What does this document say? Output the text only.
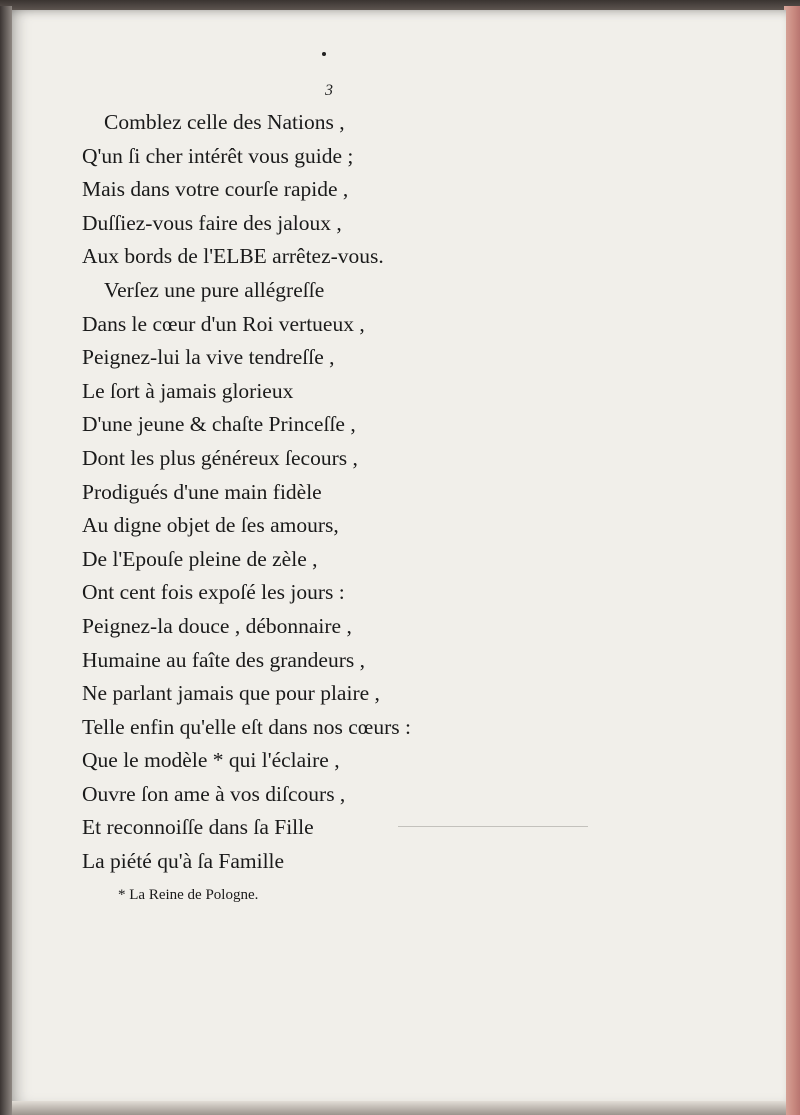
3
Comblez celle des Nations ,
Q'un ſi cher intérêt vous guide ;
Mais dans votre courſe rapide ,
Duſſiez-vous faire des jaloux ,
Aux bords de l'ELBE arrêtez-vous.
Verſez une pure allégreſſe
Dans le cœur d'un Roi vertueux ,
Peignez-lui la vive tendreſſe ,
Le ſort à jamais glorieux
D'une jeune & chaſte Princeſſe ,
Dont les plus généreux ſecours ,
Prodigués d'une main fidèle
Au digne objet de ſes amours,
De l'Epouſe pleine de zèle ,
Ont cent fois expoſé les jours :
Peignez-la douce , débonnaire ,
Humaine au faîte des grandeurs ,
Ne parlant jamais que pour plaire ,
Telle enfin qu'elle eſt dans nos cœurs :
Que le modèle * qui l'éclaire ,
Ouvre ſon ame à vos diſcours ,
Et reconnoiſſe dans ſa Fille
La piété qu'à ſa Famille
* La Reine de Pologne.
